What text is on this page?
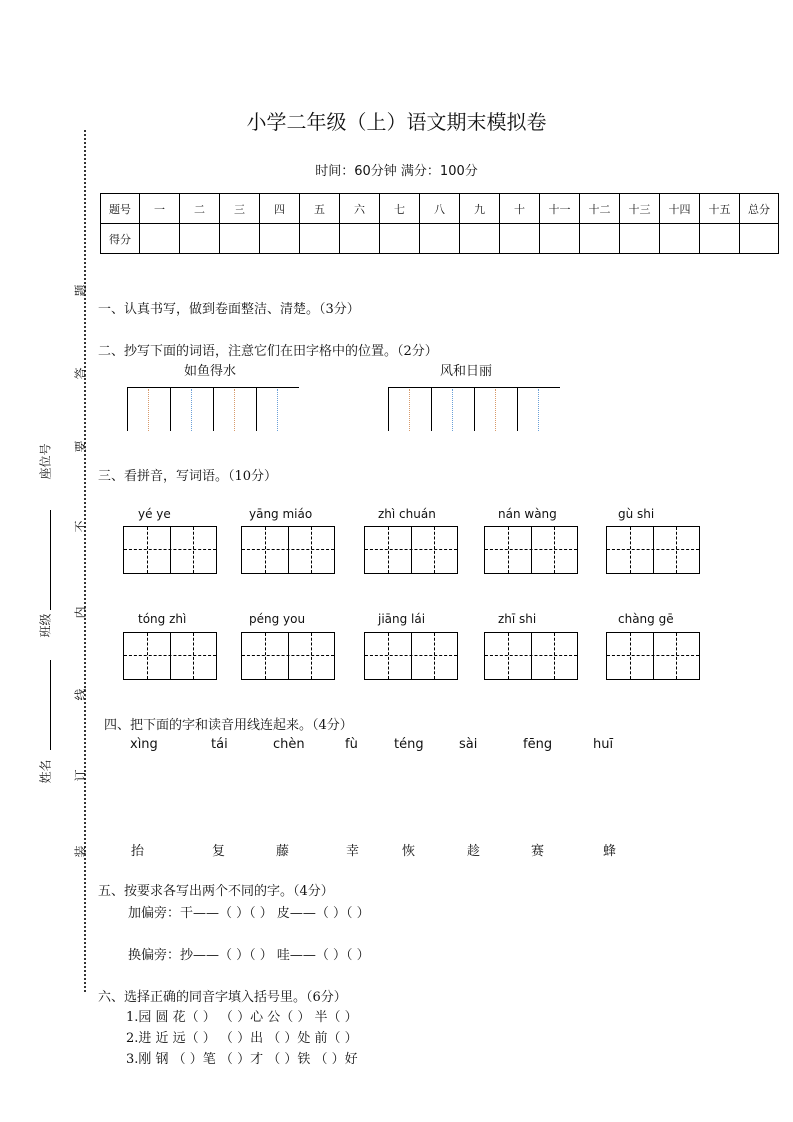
小学二年级（上）语文期末模拟卷
时间：60分钟 满分：100分
题
答
要
不
内
线
订
装
座位号
班级
姓名
题号	一	二	三	四	五	六	七	八	九	十	十一	十二	十三	十四	十五	总分
得分																
一、认真书写，做到卷面整洁、清楚。（3分）
二、抄写下面的词语，注意它们在田字格中的位置。（2分）
如鱼得水	风和日丽
三、看拼音，写词语。（10分）
yé ye	yāng miáo	zhì chuán	nán wàng	gù shi
tóng zhì	péng you	jiāng lái	zhī shi	chàng gē
四、把下面的字和读音用线连起来。（4分）
xìng	tái	chèn	fù	téng	sài	fēng	huī
抬	复	藤	幸	恢	趁	赛	蜂
五、按要求各写出两个不同的字。（4分）
加偏旁：干——（ ）（ ） 皮——（ ）（ ）
换偏旁：抄——（ ）（ ） 哇——（ ）（ ）
六、选择正确的同音字填入括号里。（6分）
1.园 圆 花（ ） （ ）心 公（ ） 半（ ）
2.进 近 远（ ） （ ）出 （ ）处 前（ ）
3.刚 钢 （ ）笔 （ ）才 （ ）铁 （ ）好
